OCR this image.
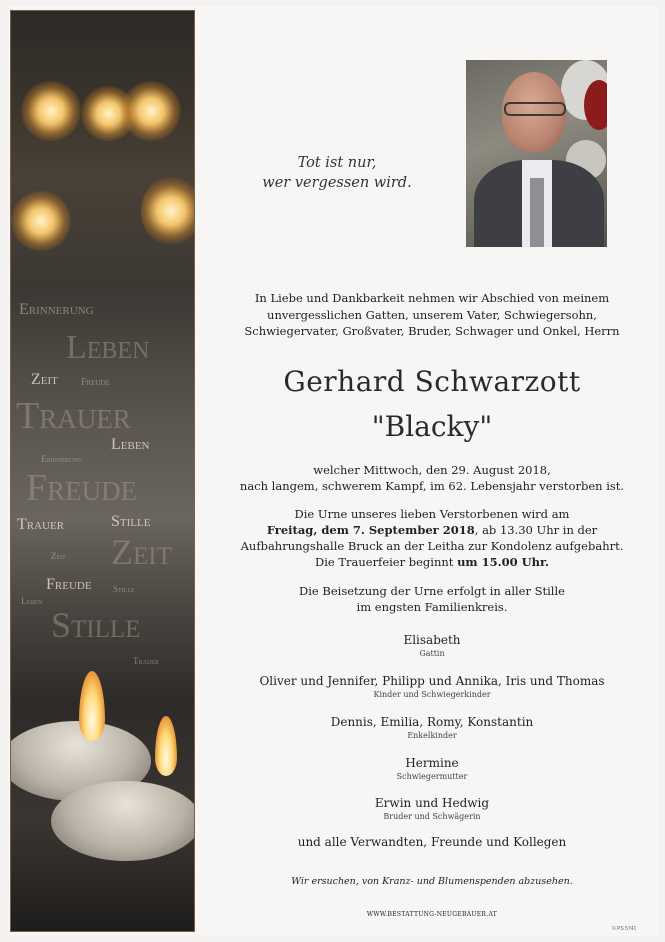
Erinnerung
Leben
Zeit Freude
Trauer
Leben
Erinnerung
Freude
Trauer	Stille
Zeit Zeit
Freude Stille
Leben
Stille
Trauer
Tot ist nur,
wer vergessen wird.
In Liebe und Dankbarkeit nehmen wir Abschied von meinem unvergesslichen Gatten, unserem Vater, Schwiegersohn, Schwiegervater, Großvater, Bruder, Schwager und Onkel, Herrn
Gerhard Schwarzott
"Blacky"
welcher Mittwoch, den 29. August 2018,
nach langem, schwerem Kampf, im 62. Lebensjahr verstorben ist.
Die Urne unseres lieben Verstorbenen wird am
Freitag, dem 7. September 2018, ab 13.30 Uhr in der
Aufbahrungshalle Bruck an der Leitha zur Kondolenz aufgebahrt.
Die Trauerfeier beginnt um 15.00 Uhr.
Die Beisetzung der Urne erfolgt in aller Stille
im engsten Familienkreis.
Elisabeth
Gattin
Oliver und Jennifer, Philipp und Annika, Iris und Thomas
Kinder und Schwiegerkinder
Dennis, Emilia, Romy, Konstantin
Enkelkinder
Hermine
Schwiegermutter
Erwin und Hedwig
Bruder und Schwägerin
und alle Verwandten, Freunde und Kollegen
Wir ersuchen, von Kranz- und Blumenspenden abzusehen.
WWW.BESTATTUNG-NEUGEBAUER.AT
© PS 5741
